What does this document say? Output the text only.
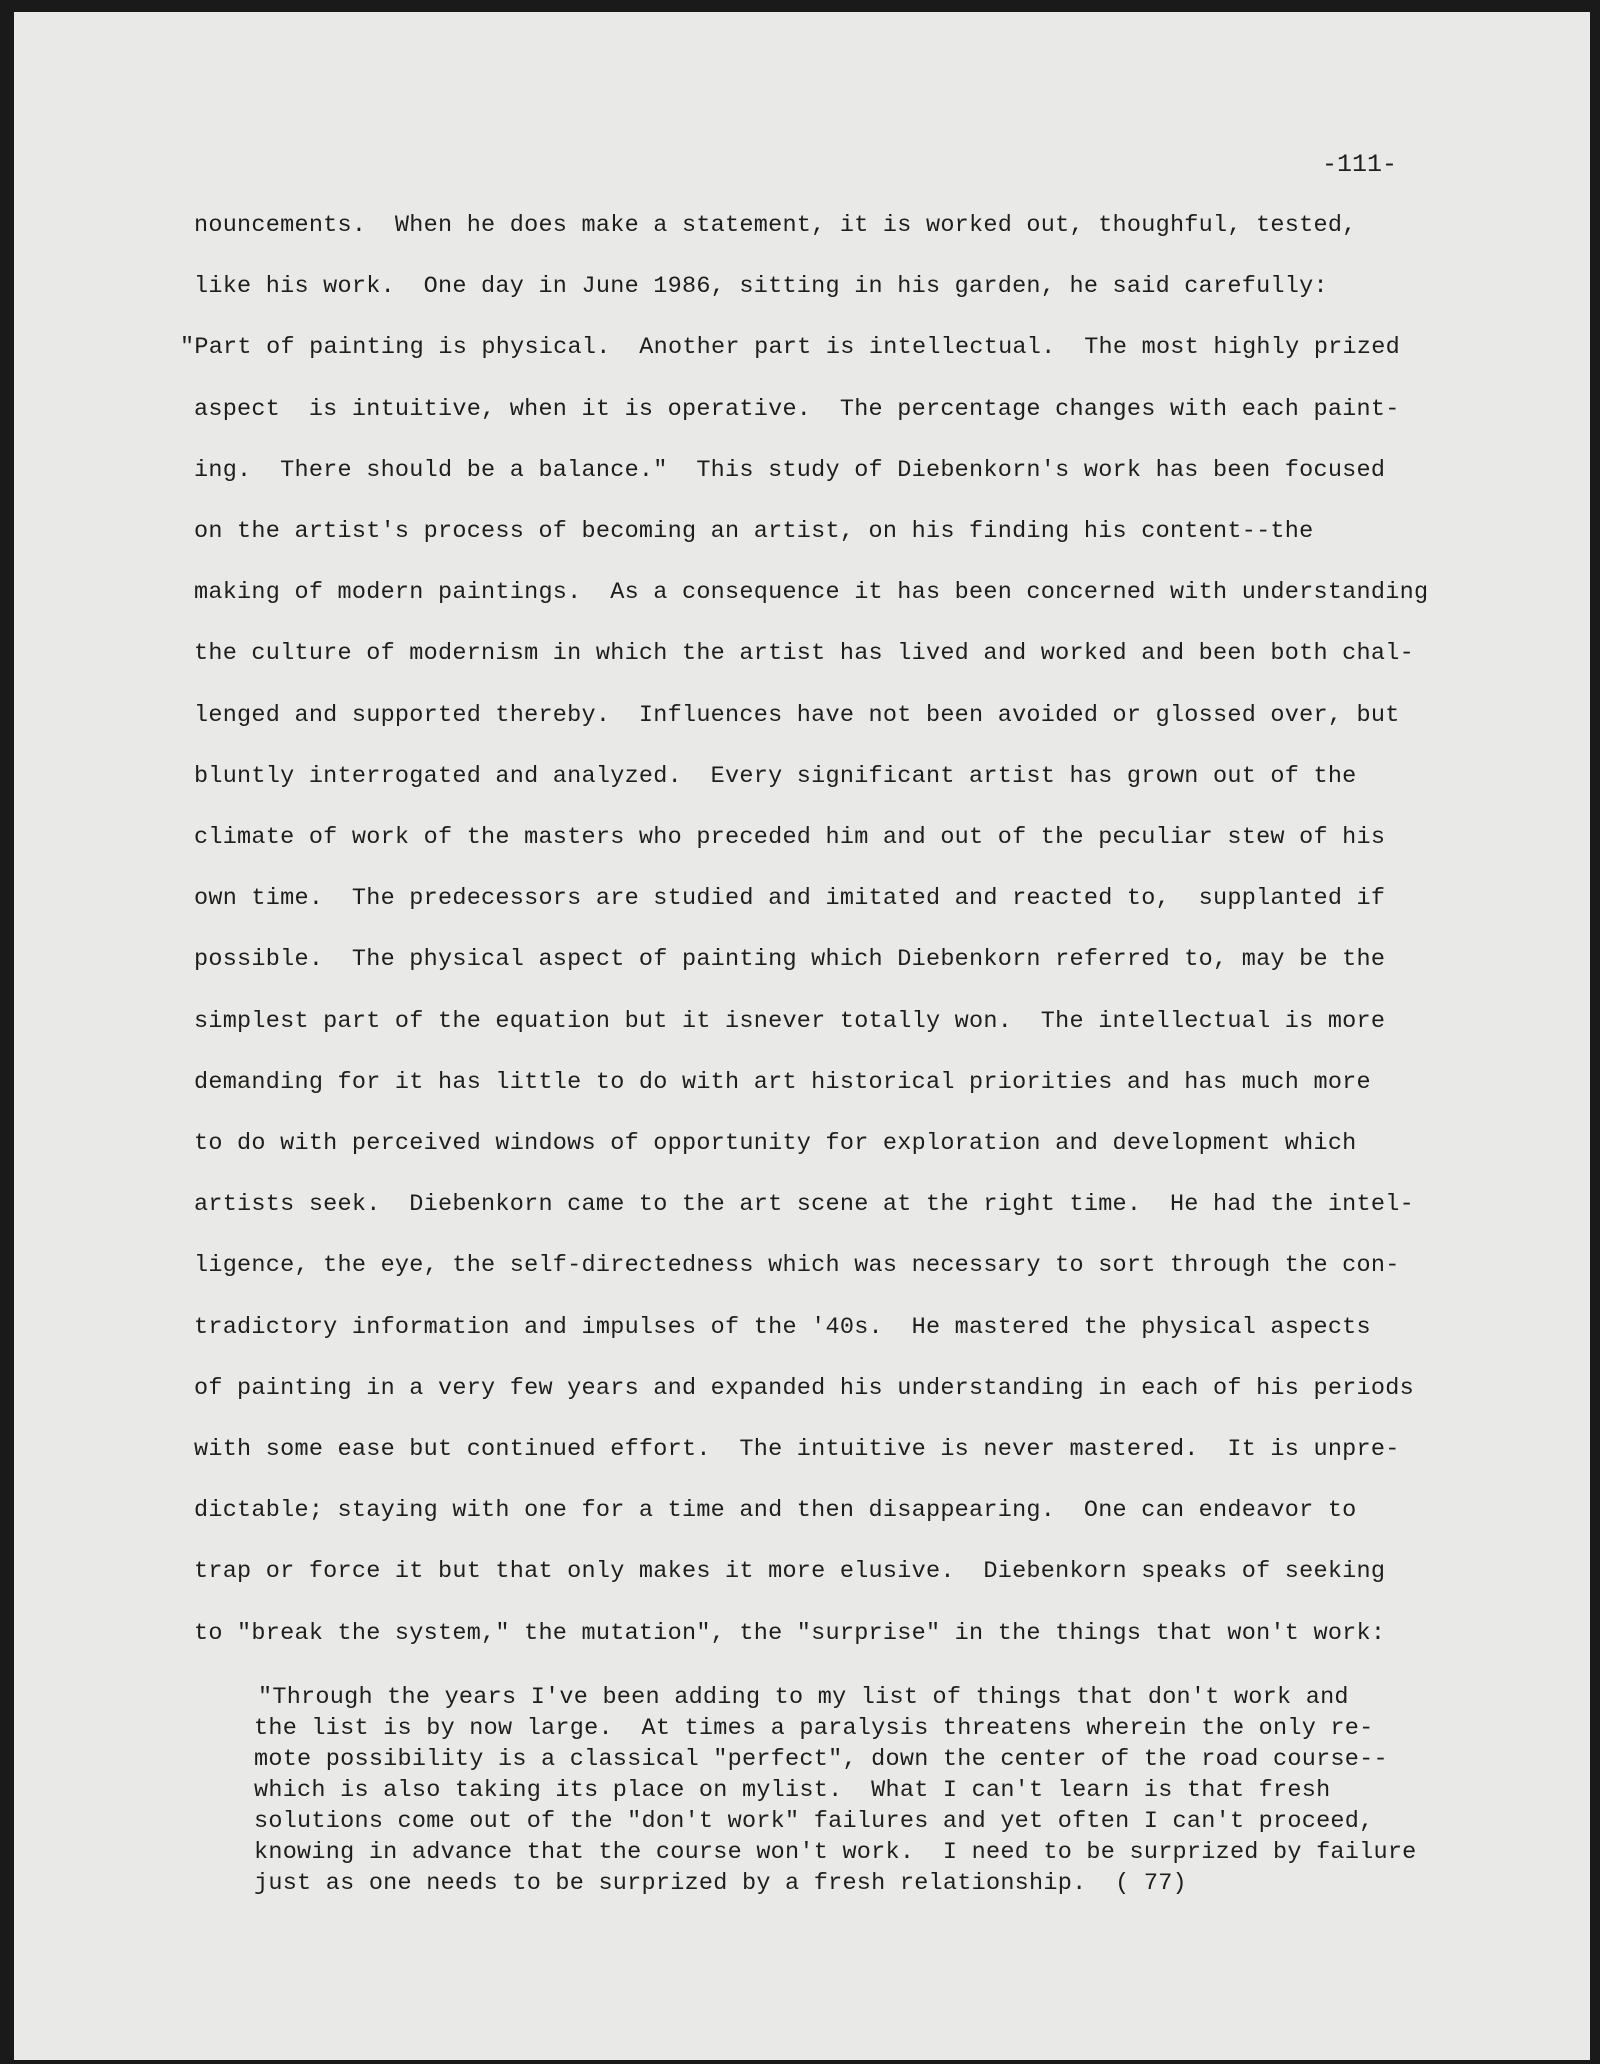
-111-
nouncements.  When he does make a statement, it is worked out, thoughful, tested,
like his work.  One day in June 1986, sitting in his garden, he said carefully:
"Part of painting is physical.  Another part is intellectual.  The most highly prized
aspect  is intuitive, when it is operative.  The percentage changes with each paint-
ing.  There should be a balance."  This study of Diebenkorn's work has been focused
on the artist's process of becoming an artist, on his finding his content--the
making of modern paintings.  As a consequence it has been concerned with understanding
the culture of modernism in which the artist has lived and worked and been both chal-
lenged and supported thereby.  Influences have not been avoided or glossed over, but
bluntly interrogated and analyzed.  Every significant artist has grown out of the
climate of work of the masters who preceded him and out of the peculiar stew of his
own time.  The predecessors are studied and imitated and reacted to,  supplanted if
possible.  The physical aspect of painting which Diebenkorn referred to, may be the
simplest part of the equation but it isnever totally won.  The intellectual is more
demanding for it has little to do with art historical priorities and has much more
to do with perceived windows of opportunity for exploration and development which
artists seek.  Diebenkorn came to the art scene at the right time.  He had the intel-
ligence, the eye, the self-directedness which was necessary to sort through the con-
tradictory information and impulses of the '40s.  He mastered the physical aspects
of painting in a very few years and expanded his understanding in each of his periods
with some ease but continued effort.  The intuitive is never mastered.  It is unpre-
dictable; staying with one for a time and then disappearing.  One can endeavor to
trap or force it but that only makes it more elusive.  Diebenkorn speaks of seeking
to "break the system," the mutation", the "surprise" in the things that won't work:
"Through the years I've been adding to my list of things that don't work and
the list is by now large.  At times a paralysis threatens wherein the only re-
mote possibility is a classical "perfect", down the center of the road course--
which is also taking its place on mylist.  What I can't learn is that fresh
solutions come out of the "don't work" failures and yet often I can't proceed,
knowing in advance that the course won't work.  I need to be surprized by failure
just as one needs to be surprized by a fresh relationship.  ( 77)
